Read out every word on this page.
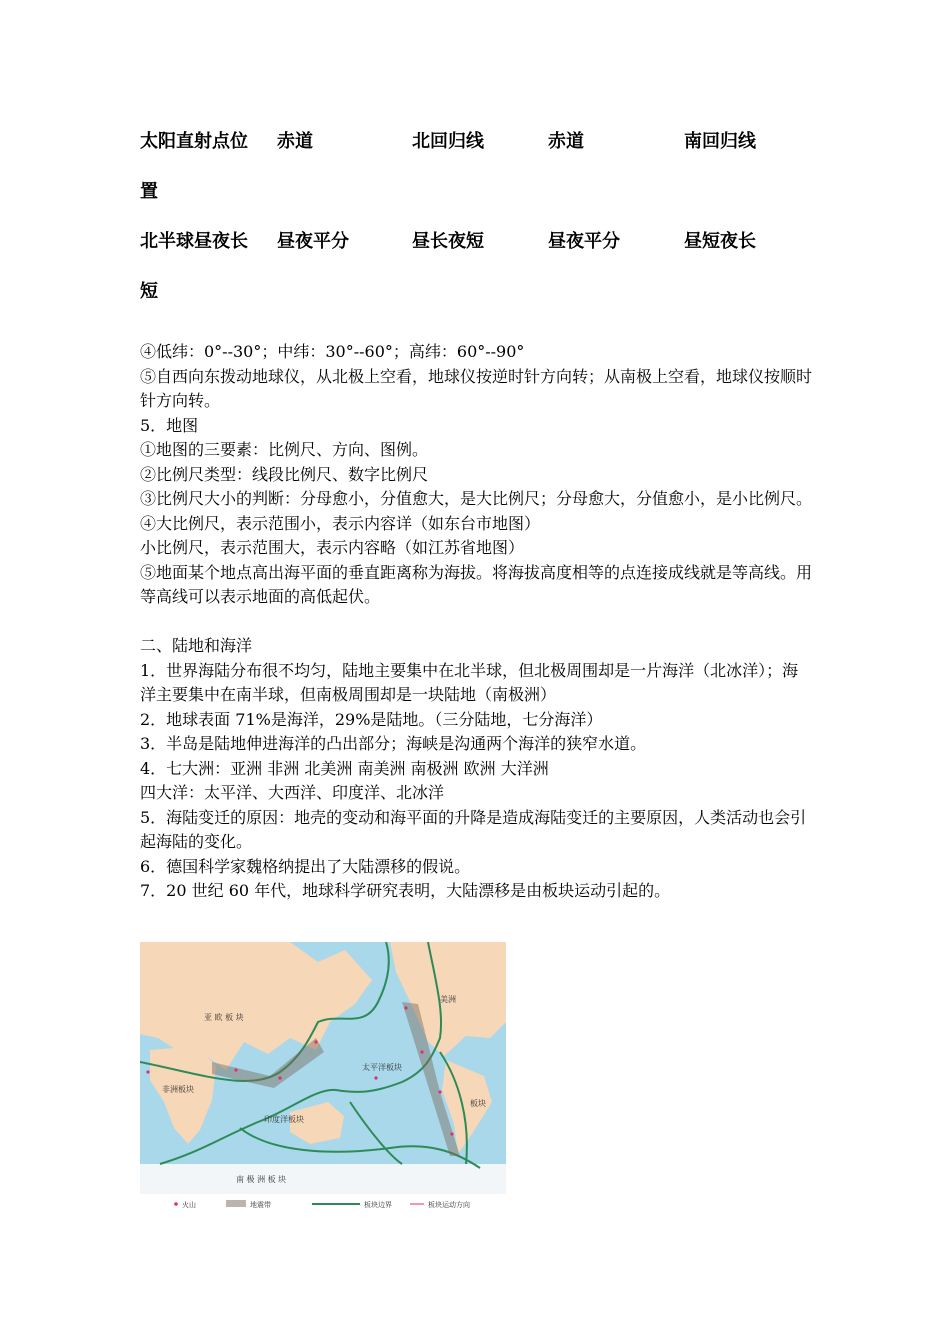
太阳直射点位
置
赤道	北回归线	赤道	南回归线
北半球昼夜长
短
昼夜平分	昼长夜短	昼夜平分	昼短夜长

④低纬：0°--30°；中纬：30°--60°；高纬：60°--90°

⑤自西向东拨动地球仪，从北极上空看，地球仪按逆时针方向转；从南极上空看，地球仪按顺时针方向转。

5．地图

①地图的三要素：比例尺、方向、图例。

②比例尺类型：线段比例尺、数字比例尺

③比例尺大小的判断：分母愈小，分值愈大，是大比例尺；分母愈大，分值愈小，是小比例尺。

④大比例尺，表示范围小，表示内容详（如东台市地图）

小比例尺，表示范围大，表示内容略（如江苏省地图）

⑤地面某个地点高出海平面的垂直距离称为海拔。将海拔高度相等的点连接成线就是等高线。用等高线可以表示地面的高低起伏。

二、陆地和海洋

1．世界海陆分布很不均匀，陆地主要集中在北半球，但北极周围却是一片海洋（北冰洋）；海洋主要集中在南半球，但南极周围却是一块陆地（南极洲）

2．地球表面 71%是海洋，29%是陆地。（三分陆地，七分海洋）

3．半岛是陆地伸进海洋的凸出部分；海峡是沟通两个海洋的狭窄水道。

4．七大洲：亚洲 非洲 北美洲 南美洲 南极洲 欧洲 大洋洲

四大洋：太平洋、大西洋、印度洋、北冰洋

5．海陆变迁的原因：地壳的变动和海平面的升降是造成海陆变迁的主要原因，人类活动也会引起海陆的变化。

6．德国科学家魏格纳提出了大陆漂移的假说。

7．20 世纪 60 年代，地球科学研究表明，大陆漂移是由板块运动引起的。

亚 欧 板 块
非洲板块
印度洋板块
太平洋板块
美洲
板块
南 极 洲 板 块
火山	地震带	板块边界	板块运动方向
